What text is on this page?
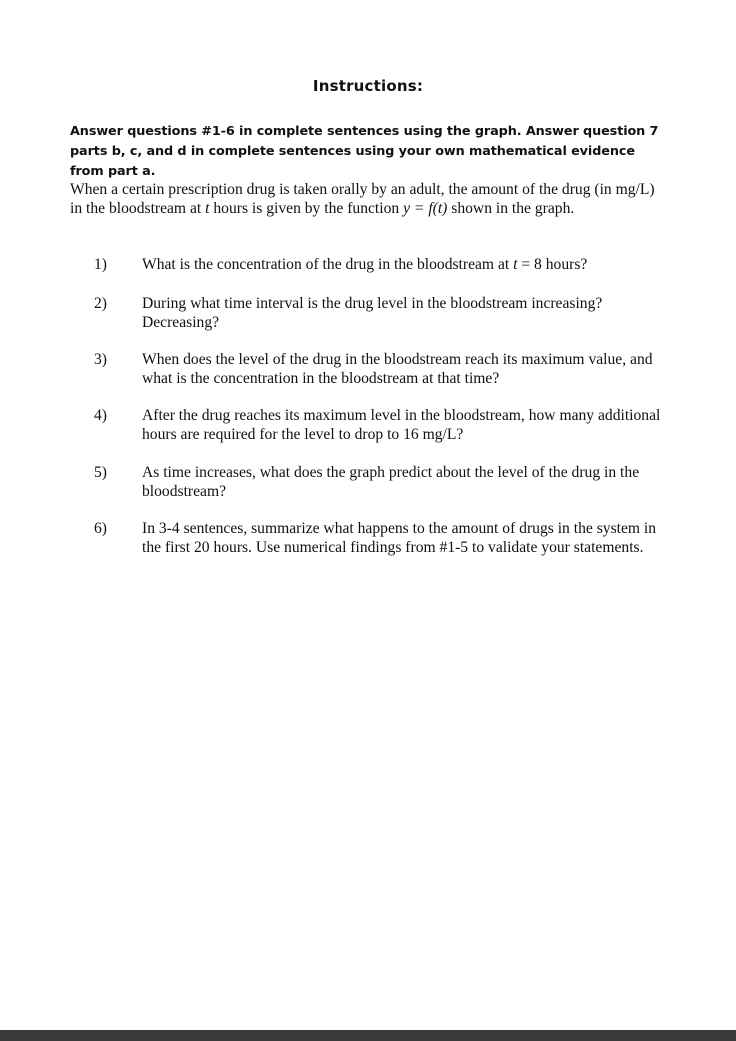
Instructions:
Answer questions #1-6 in complete sentences using the graph. Answer question 7 parts b, c, and d in complete sentences using your own mathematical evidence from part a.
When a certain prescription drug is taken orally by an adult, the amount of the drug (in mg/L) in the bloodstream at t hours is given by the function y = f(t) shown in the graph.
1) What is the concentration of the drug in the bloodstream at t = 8 hours?
2) During what time interval is the drug level in the bloodstream increasing? Decreasing?
3) When does the level of the drug in the bloodstream reach its maximum value, and what is the concentration in the bloodstream at that time?
4) After the drug reaches its maximum level in the bloodstream, how many additional hours are required for the level to drop to 16 mg/L?
5) As time increases, what does the graph predict about the level of the drug in the bloodstream?
6) In 3-4 sentences, summarize what happens to the amount of drugs in the system in the first 20 hours. Use numerical findings from #1-5 to validate your statements.
